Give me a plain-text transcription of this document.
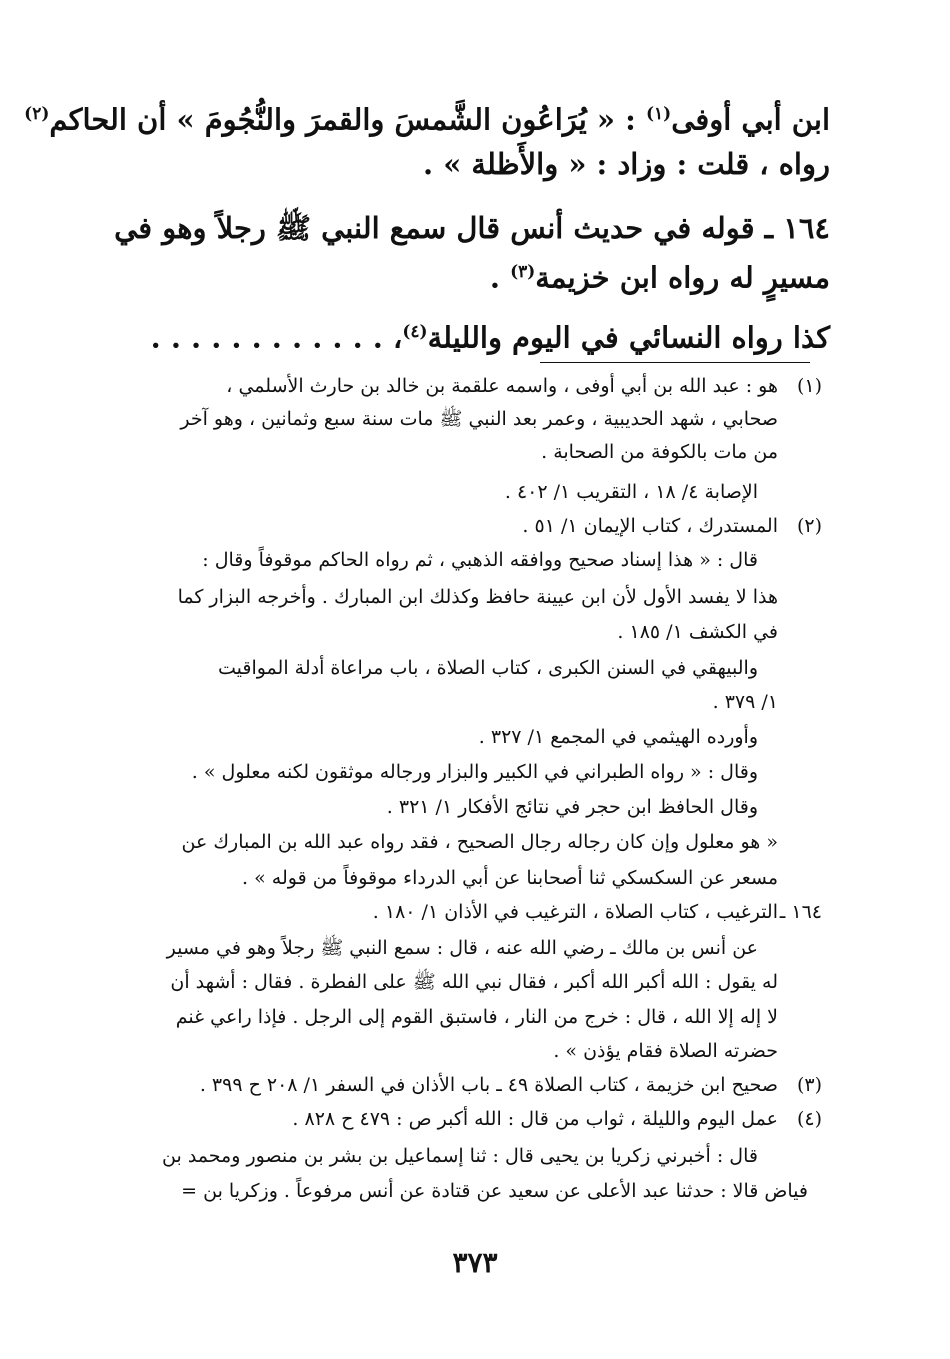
ابن أبي أوفى$^{(١)}$ : « يُرَاعُون الشَّمسَ والقمرَ والنُّجُومَ » أن الحاكم$^{(٢)}$
رواه ، قلت : وزاد : « والأَظلة » .
١٦٤ ـ قوله في حديث أنس قال سمع النبي ﷺ رجلاً وهو في
مسيرٍ له رواه ابن خزيمة$^{(٣)}$ .
كذا رواه النسائي في اليوم والليلة$^{(٤)}$، . . . . . . . . . . . .
(١)
هو : عبد الله بن أبي أوفى ، واسمه علقمة بن خالد بن حارث الأسلمي ،
صحابي ، شهد الحديبية ، وعمر بعد النبي ﷺ مات سنة سبع وثمانين ، وهو آخر
من مات بالكوفة من الصحابة .
الإصابة ٤/ ١٨ ، التقريب ١/ ٤٠٢ .
(٢)
المستدرك ، كتاب الإيمان ١/ ٥١ .
قال : « هذا إسناد صحيح ووافقه الذهبي ، ثم رواه الحاكم موقوفاً وقال :
هذا لا يفسد الأول لأن ابن عيينة حافظ وكذلك ابن المبارك . وأخرجه البزار كما
في الكشف ١/ ١٨٥ .
والبيهقي في السنن الكبرى ، كتاب الصلاة ، باب مراعاة أدلة المواقيت
١/ ٣٧٩ .
وأورده الهيثمي في المجمع ١/ ٣٢٧ .
وقال : « رواه الطبراني في الكبير والبزار ورجاله موثقون لكنه معلول » .
وقال الحافظ ابن حجر في نتائج الأفكار ١/ ٣٢١ .
« هو معلول وإن كان رجاله رجال الصحيح ، فقد رواه عبد الله بن المبارك عن
مسعر عن السكسكي ثنا أصحابنا عن أبي الدرداء موقوفاً من قوله » .
١٦٤ ـ
الترغيب ، كتاب الصلاة ، الترغيب في الأذان ١/ ١٨٠ .
عن أنس بن مالك ـ رضي الله عنه ، قال : سمع النبي ﷺ رجلاً وهو في مسير
له يقول : الله أكبر الله أكبر ، فقال نبي الله ﷺ على الفطرة . فقال : أشهد أن
لا إله إلا الله ، قال : خرج من النار ، فاستبق القوم إلى الرجل . فإذا راعي غنم
حضرته الصلاة فقام يؤذن » .
(٣)
صحيح ابن خزيمة ، كتاب الصلاة ٤٩ ـ باب الأذان في السفر ١/ ٢٠٨ ح ٣٩٩ .
(٤)
عمل اليوم والليلة ، ثواب من قال : الله أكبر ص : ٤٧٩ ح ٨٢٨ .
قال : أخبرني زكريا بن يحيى قال : ثنا إسماعيل بن بشر بن منصور ومحمد بن
فياض قالا : حدثنا عبد الأعلى عن سعيد عن قتادة عن أنس مرفوعاً . وزكريا بن =
٣٧٣
